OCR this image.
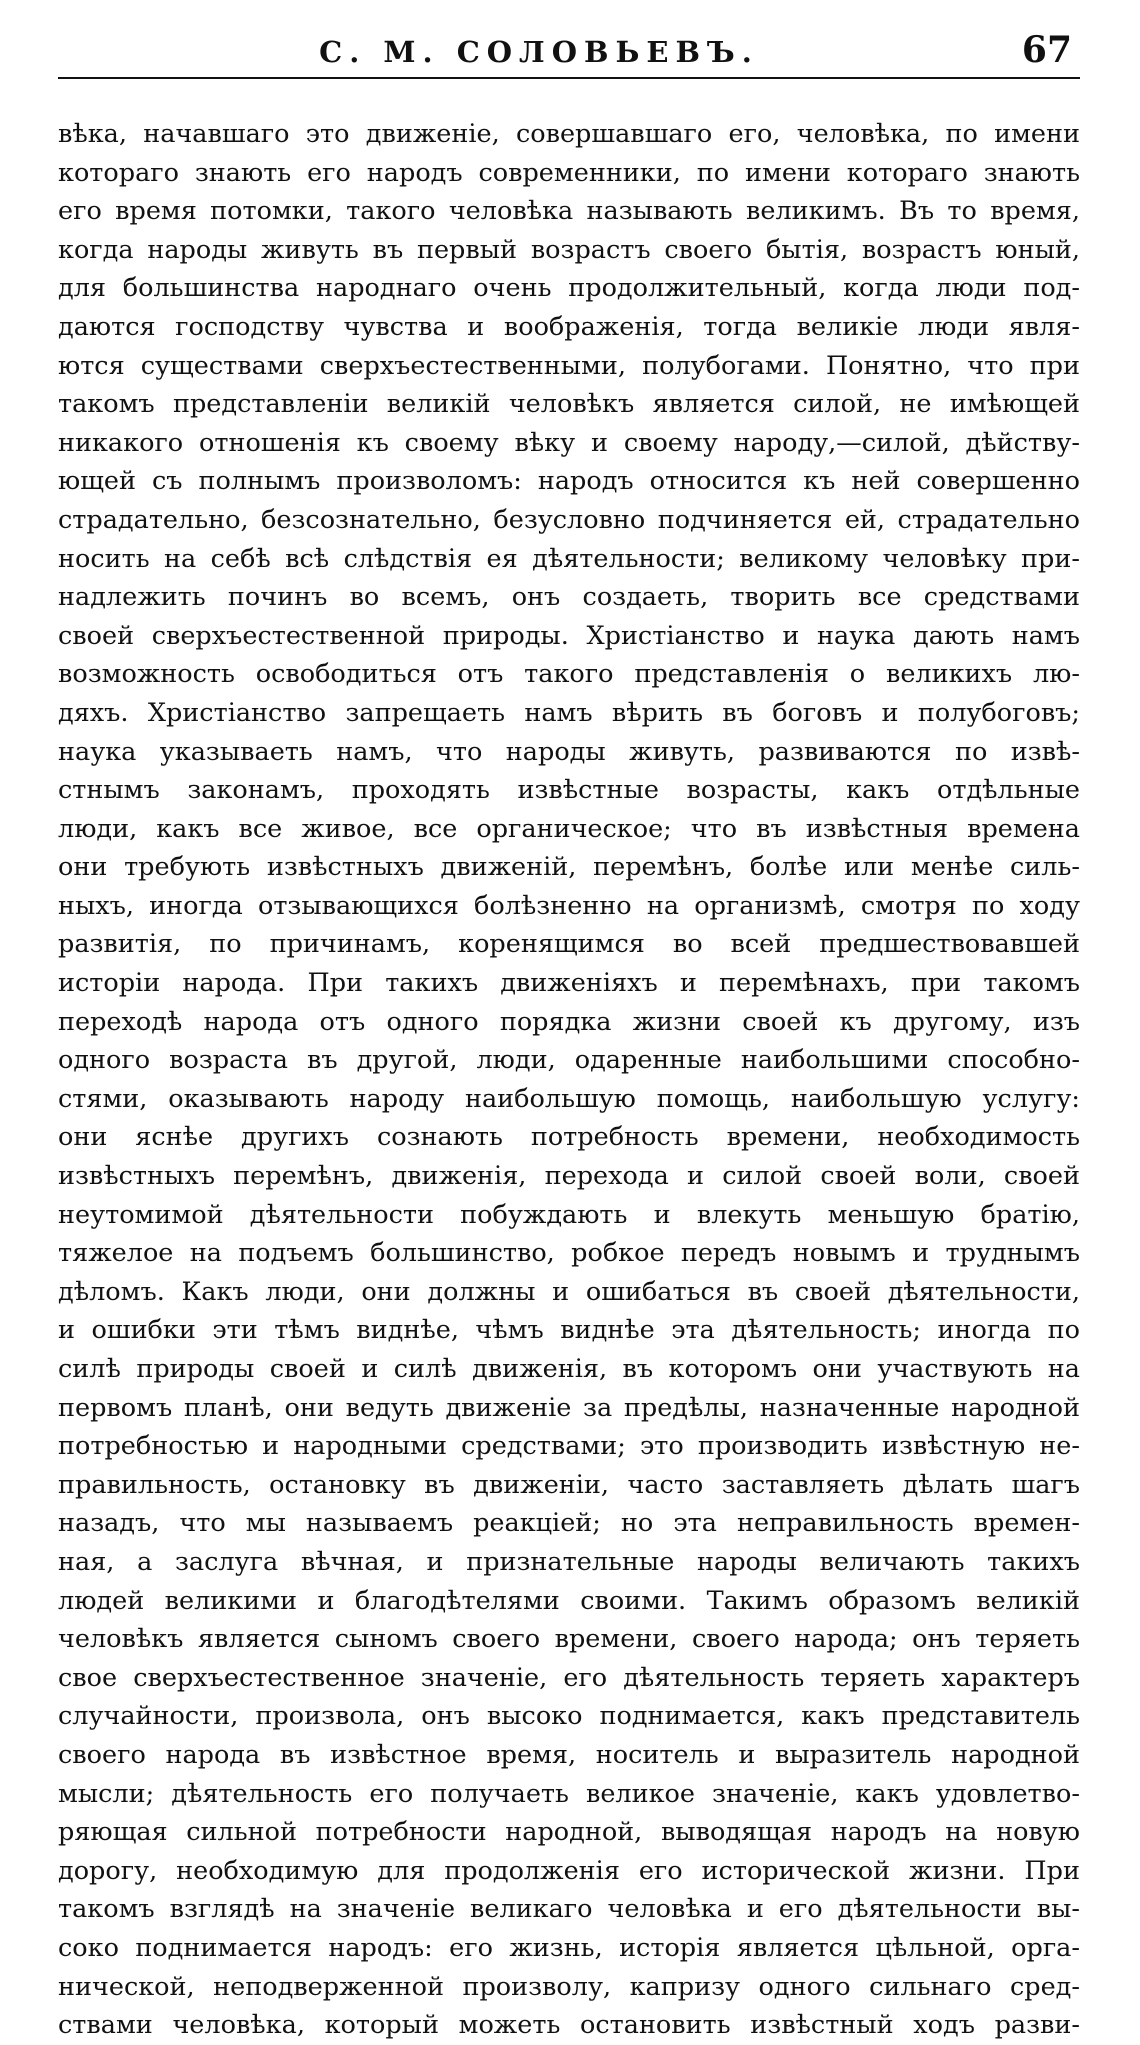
С. М. СОЛОВЬЕВЪ.	67
вѣка, начавшаго это движенiе, совершавшаго его, человѣка, по имени
котораго знають его народъ современники, по имени котораго знають
его время потомки, такого человѣка называють великимъ. Въ то время,
когда народы живуть въ первый возрастъ своего бытiя, возрастъ юный,
для большинства народнаго очень продолжительный, когда люди под-
даются господству чувства и воображенiя, тогда великiе люди явля-
ются существами сверхъестественными, полубогами. Понятно, что при
такомъ представленiи великiй человѣкъ является силой, не имѣющей
никакого отношенiя къ своему вѣку и своему народу,—силой, дѣйству-
ющей съ полнымъ произволомъ: народъ относится къ ней совершенно
страдательно, безсознательно, безусловно подчиняется ей, страдательно
носить на себѣ всѣ слѣдствiя ея дѣятельности; великому человѣку при-
надлежить починъ во всемъ, онъ создаеть, творить все средствами
своей сверхъестественной природы. Христiанство и наука дають намъ
возможность освободиться отъ такого представленiя о великихъ лю-
дяхъ. Христiанство запрещаеть намъ вѣрить въ боговъ и полубоговъ;
наука указываеть намъ, что народы живуть, развиваются по извѣ-
стнымъ законамъ, проходять извѣстные возрасты, какъ отдѣльные
люди, какъ все живое, все органическое; что въ извѣстныя времена
они требують извѣстныхъ движенiй, перемѣнъ, болѣе или менѣе силь-
ныхъ, иногда отзывающихся болѣзненно на организмѣ, смотря по ходу
развитiя, по причинамъ, коренящимся во всей предшествовавшей
исторiи народа. При такихъ движенiяхъ и перемѣнахъ, при такомъ
переходѣ народа отъ одного порядка жизни своей къ другому, изъ
одного возраста въ другой, люди, одаренные наибольшими способно-
стями, оказывають народу наибольшую помощь, наибольшую услугу:
они яснѣе другихъ сознають потребность времени, необходимость
извѣстныхъ перемѣнъ, движенiя, перехода и силой своей воли, своей
неутомимой дѣятельности побуждають и влекуть меньшую братiю,
тяжелое на подъемъ большинство, робкое передъ новымъ и труднымъ
дѣломъ. Какъ люди, они должны и ошибаться въ своей дѣятельности,
и ошибки эти тѣмъ виднѣе, чѣмъ виднѣе эта дѣятельность; иногда по
силѣ природы своей и силѣ движенiя, въ которомъ они участвують на
первомъ планѣ, они ведуть движенiе за предѣлы, назначенные народной
потребностью и народными средствами; это производить извѣстную не-
правильность, остановку въ движенiи, часто заставляеть дѣлать шагъ
назадъ, что мы называемъ реакцiей; но эта неправильность времен-
ная, а заслуга вѣчная, и признательные народы величають такихъ
людей великими и благодѣтелями своими. Такимъ образомъ великiй
человѣкъ является сыномъ своего времени, своего народа; онъ теряеть
свое сверхъестественное значенiе, его дѣятельность теряеть характеръ
случайности, произвола, онъ высоко поднимается, какъ представитель
своего народа въ извѣстное время, носитель и выразитель народной
мысли; дѣятельность его получаеть великое значенiе, какъ удовлетво-
ряющая сильной потребности народной, выводящая народъ на новую
дорогу, необходимую для продолженiя его исторической жизни. При
такомъ взглядѣ на значенiе великаго человѣка и его дѣятельности вы-
соко поднимается народъ: его жизнь, исторiя является цѣльной, орга-
нической, неподверженной произволу, капризу одного сильнаго сред-
ствами человѣка, который можеть остановить извѣстный ходъ разви-
